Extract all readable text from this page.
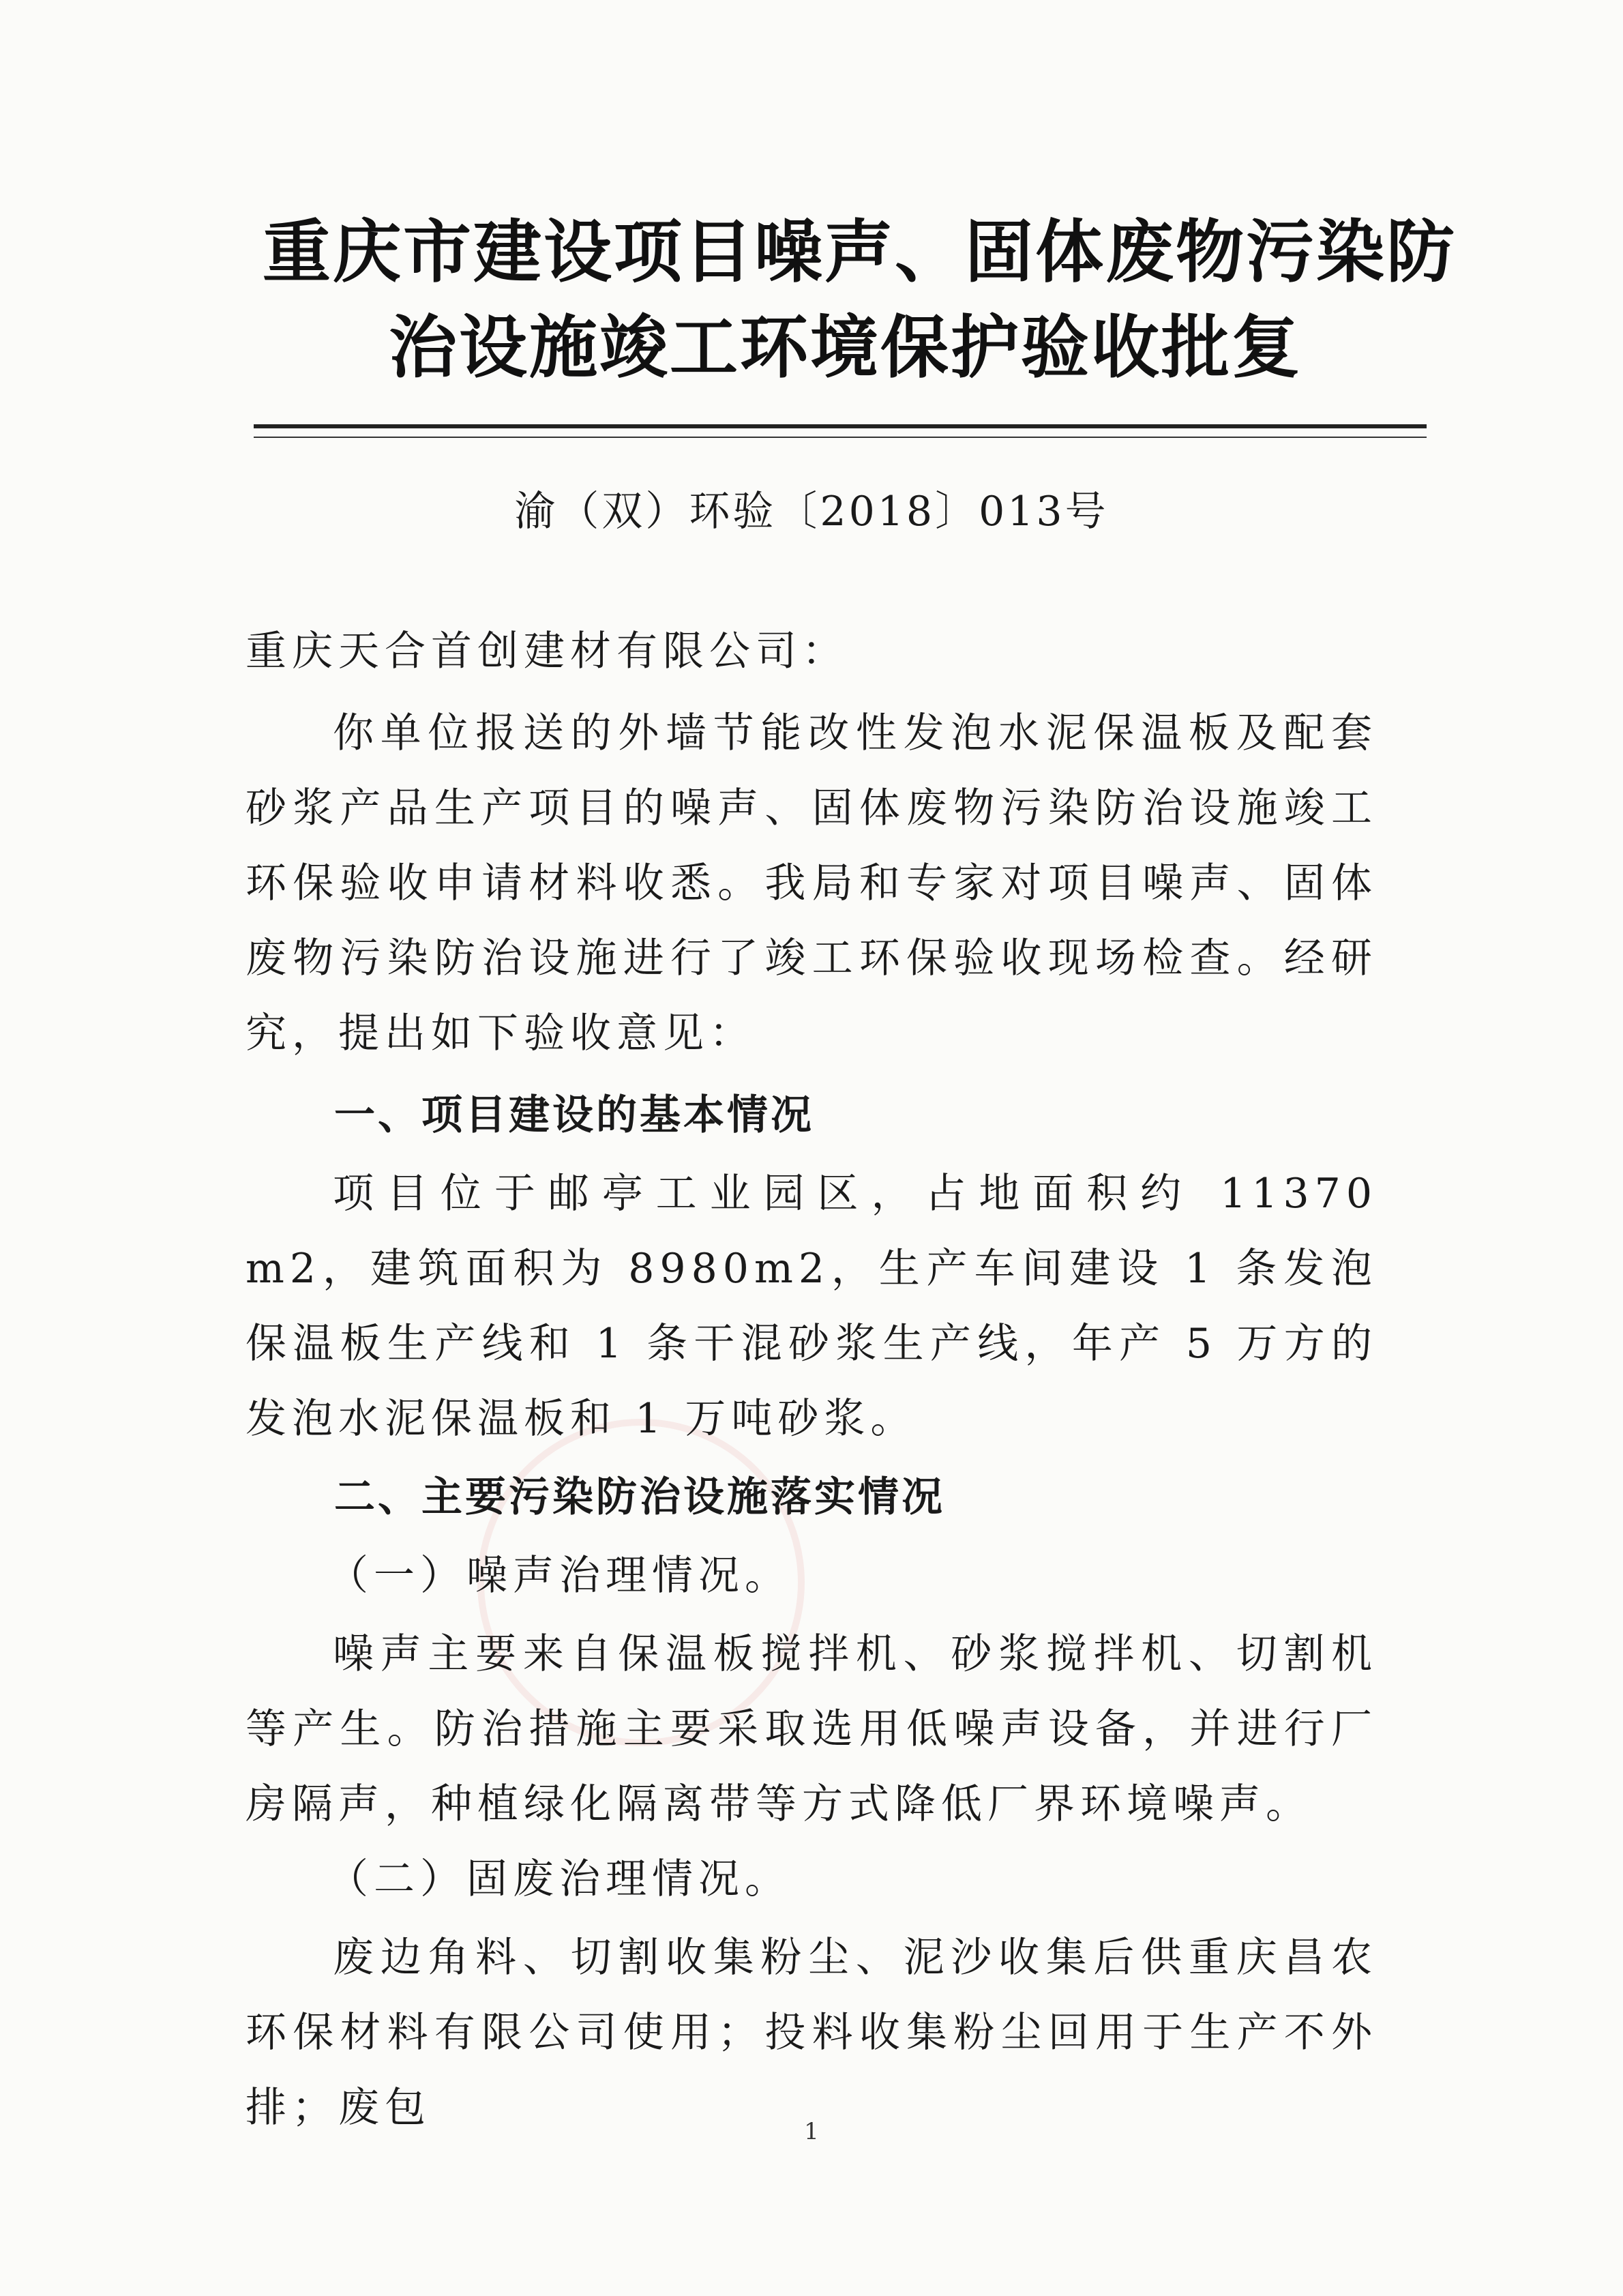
重庆市建设项目噪声、固体废物污染防
治设施竣工环境保护验收批复
渝（双）环验〔2018〕013号

重庆天合首创建材有限公司：

你单位报送的外墙节能改性发泡水泥保温板及配套砂浆产品生产项目的噪声、固体废物污染防治设施竣工环保验收申请材料收悉。我局和专家对项目噪声、固体废物污染防治设施进行了竣工环保验收现场检查。经研究，提出如下验收意见：

一、项目建设的基本情况

项目位于邮亭工业园区，占地面积约 11370 m2，建筑面积为 8980m2，生产车间建设 1 条发泡保温板生产线和 1 条干混砂浆生产线，年产 5 万方的发泡水泥保温板和 1 万吨砂浆。

二、主要污染防治设施落实情况

（一）噪声治理情况。

噪声主要来自保温板搅拌机、砂浆搅拌机、切割机等产生。防治措施主要采取选用低噪声设备，并进行厂房隔声，种植绿化隔离带等方式降低厂界环境噪声。

（二）固废治理情况。

废边角料、切割收集粉尘、泥沙收集后供重庆昌农环保材料有限公司使用；投料收集粉尘回用于生产不外排；废包	1
